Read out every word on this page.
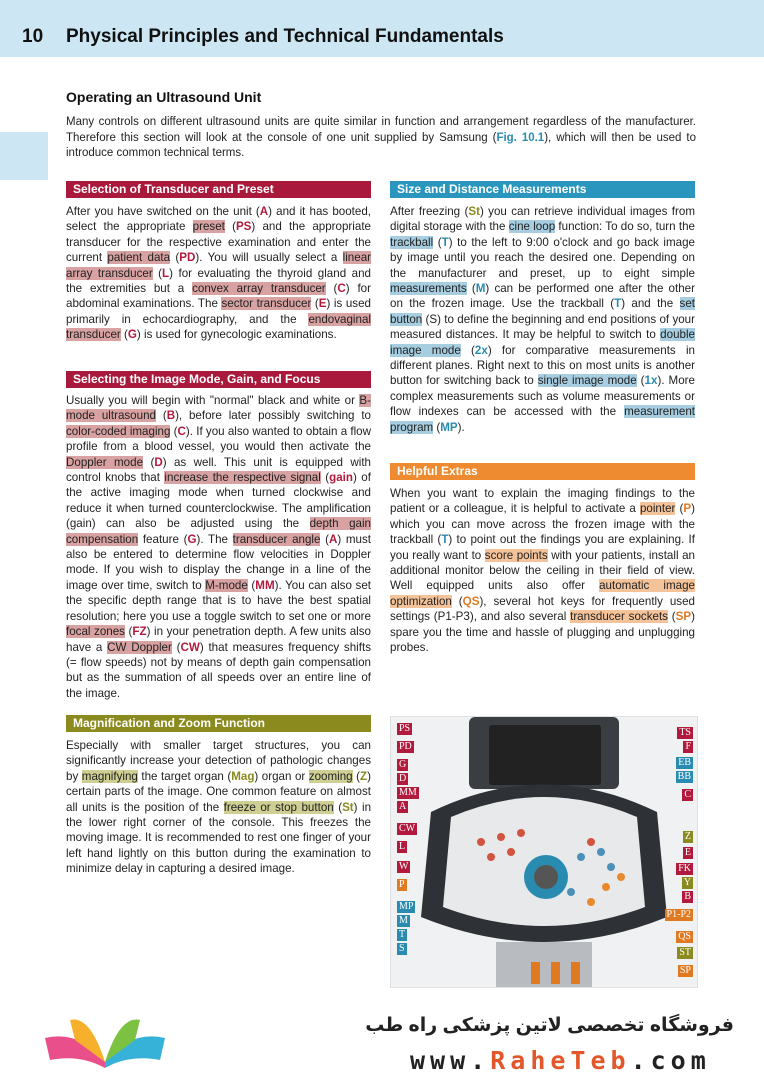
10 Physical Principles and Technical Fundamentals
Operating an Ultrasound Unit
Many controls on different ultrasound units are quite similar in function and arrangement regardless of the manufacturer. Therefore this section will look at the console of one unit supplied by Samsung (Fig. 10.1), which will then be used to introduce common technical terms.
Selection of Transducer and Preset
After you have switched on the unit (A) and it has booted, select the appropriate preset (PS) and the appropriate transducer for the respective examination and enter the current patient data (PD). You will usually select a linear array transducer (L) for evaluating the thyroid gland and the extremities but a convex array transducer (C) for abdominal examinations. The sector transducer (E) is used primarily in echocardiography, and the endovaginal transducer (G) is used for gynecologic examinations.
Selecting the Image Mode, Gain, and Focus
Usually you will begin with "normal" black and white or B-mode ultrasound (B), before later possibly switching to color-coded imaging (C). If you also wanted to obtain a flow profile from a blood vessel, you would then activate the Doppler mode (D) as well. This unit is equipped with control knobs that increase the respective signal (gain) of the active imaging mode when turned clockwise and reduce it when turned counterclockwise. The amplification (gain) can also be adjusted using the depth gain compensation feature (G). The transducer angle (A) must also be entered to determine flow velocities in Doppler mode. If you wish to display the change in a line of the image over time, switch to M-mode (MM). You can also set the specific depth range that is to have the best spatial resolution; here you use a toggle switch to set one or more focal zones (FZ) in your penetration depth. A few units also have a CW Doppler (CW) that measures frequency shifts (= flow speeds) not by means of depth gain compensation but as the summation of all speeds over an entire line of the image.
Magnification and Zoom Function
Especially with smaller target structures, you can significantly increase your detection of pathologic changes by magnifying the target organ (Mag) organ or zooming (Z) certain parts of the image. One common feature on almost all units is the position of the freeze or stop button (St) in the lower right corner of the console. This freezes the moving image. It is recommended to rest one finger of your left hand lightly on this button during the examination to minimize delay in capturing a desired image.
Size and Distance Measurements
After freezing (St) you can retrieve individual images from digital storage with the cine loop function: To do so, turn the trackball (T) to the left to 9:00 o'clock and go back image by image until you reach the desired one. Depending on the manufacturer and preset, up to eight simple measurements (M) can be performed one after the other on the frozen image. Use the trackball (T) and the set button (S) to define the beginning and end positions of your measured distances. It may be helpful to switch to double image mode (2x) for comparative measurements in different planes. Right next to this on most units is another button for switching back to single image mode (1x). More complex measurements such as volume measurements or flow indexes can be accessed with the measurement program (MP).
Helpful Extras
When you want to explain the imaging findings to the patient or a colleague, it is helpful to activate a pointer (P) which you can move across the frozen image with the trackball (T) to point out the findings you are explaining. If you really want to score points with your patients, install an additional monitor below the ceiling in their field of view. Well equipped units also offer automatic image optimization (QS), several hot keys for frequently used settings (P1-P3), and also several transducer sockets (SP) spare you the time and hassle of plugging and unplugging probes.
PS
PD
G
D
MM
A
CW
L
W
P
MP
M
T
S
TS
F
EB
BB
C
Z
E
FK
Y
B
P1-P2
QS
ST
SP
فروشگاه تخصصی لاتین پزشکی راه طب
www.RaheTeb.com
